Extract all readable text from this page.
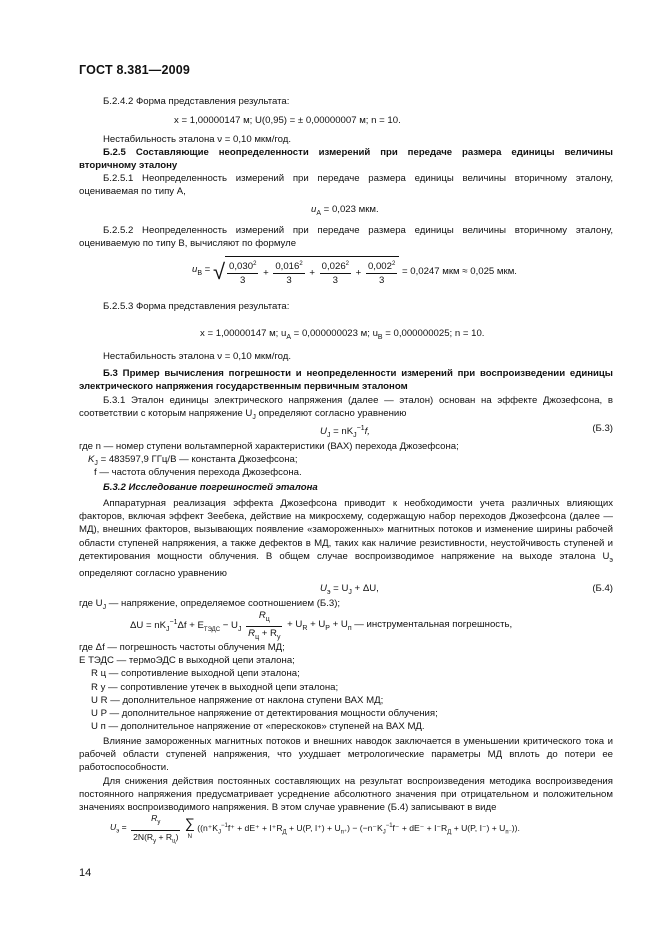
ГОСТ 8.381—2009
Б.2.4.2 Форма представления результата:
x = 1,00000147 м; U(0,95) = ± 0,00000007 м; n = 10.
Нестабильность эталона ν = 0,10 мкм/год.
Б.2.5 Составляющие неопределенности измерений при передаче размера единицы величины вторичному эталону
Б.2.5.1 Неопределенность измерений при передаче размера единицы величины вторичному эталону, оцениваемая по типу А,
$u_A = 0,023$ мкм.
Б.2.5.2 Неопределенность измерений при передаче размера единицы величины вторичному эталону, оцениваемую по типу В, вычисляют по формуле
$u_B$ = √ $\frac{0,030^2}{3} + \frac{0,016^2}{3} + \frac{0,026^2}{3} + \frac{0,002^2}{3} = 0,0247$ мкм ≈ 0,025 мкм.
Б.2.5.3 Форма представления результата:
x = 1,00000147 м; $u_A = 0,000000023$ м; $u_B = 0,000000025$; n = 10.
Нестабильность эталона ν = 0,10 мкм/год.
Б.3 Пример вычисления погрешности и неопределенности измерений при воспроизведении единицы электрического напряжения государственным первичным эталоном
Б.3.1 Эталон единицы электрического напряжения (далее — эталон) основан на эффекте Джозефсона, в соответствии с которым напряжение $U_J$ определяют согласно уравнению
$U_J = nK_J^{-1}f$,	(Б.3)
где n — номер ступени вольтамперной характеристики (ВАХ) перехода Джозефсона;
$K_J = 483597,9$ ГГц/В — константа Джозефсона;
f — частота облучения перехода Джозефсона.
Б.3.2 Исследование погрешностей эталона
Аппаратурная реализация эффекта Джозефсона приводит к необходимости учета различных влияющих факторов, включая эффект Зеебека, действие на микросхему, содержащую набор переходов Джозефсона (далее — МД), внешних факторов, вызывающих появление «замороженных» магнитных потоков и изменение ширины рабочей области ступеней напряжения, а также дефектов в МД, таких как наличие резистивности, неустойчивость ступеней и детектирования мощности облучения. В общем случае воспроизводимое напряжение на выходе эталона $U_э$ определяют согласно уравнению
$U_э = U_J + \Delta U$,	(Б.4)
где $U_J$ — напряжение, определяемое соотношением (Б.3);
$\Delta U = nK_J^{-1}\Delta f + E_{ТЭДС} - U_J \frac{R_ц}{R_ц + R_у} + U_R + U_P + U_п$ — инструментальная погрешность,
где Δf — погрешность частоты облучения МД;
E ТЭДС — термоЭДС в выходной цепи эталона;
R ц — сопротивление выходной цепи эталона;
R у — сопротивление утечек в выходной цепи эталона;
U R — дополнительное напряжение от наклона ступени ВАХ МД;
U P — дополнительное напряжение от детектирования мощности облучения;
U п — дополнительное напряжение от «перескоков» ступеней на ВАХ МД.
Влияние замороженных магнитных потоков и внешних наводок заключается в уменьшении критического тока и рабочей области ступеней напряжения, что ухудшает метрологические параметры МД вплоть до потери ее работоспособности.
Для снижения действия постоянных составляющих на результат воспроизведения методика воспроизведения постоянного напряжения предусматривает усреднение абсолютного значения при отрицательном и положительном значениях воспроизводимого напряжения. В этом случае уравнение (Б.4) записывают в виде
$U_э = \frac{R_у}{2N(R_у + R_ц)}$ ∑
N (($n^+K_J^{-1}f^+ + dE^+ + I^+R_Д + U(P$, $I^+) + U_{п^+}) - (-n^-K_J^{-1}f^- + dE^- + I^-R_Д + U(P$, $I^-) + U_{п^-}$)).
14
